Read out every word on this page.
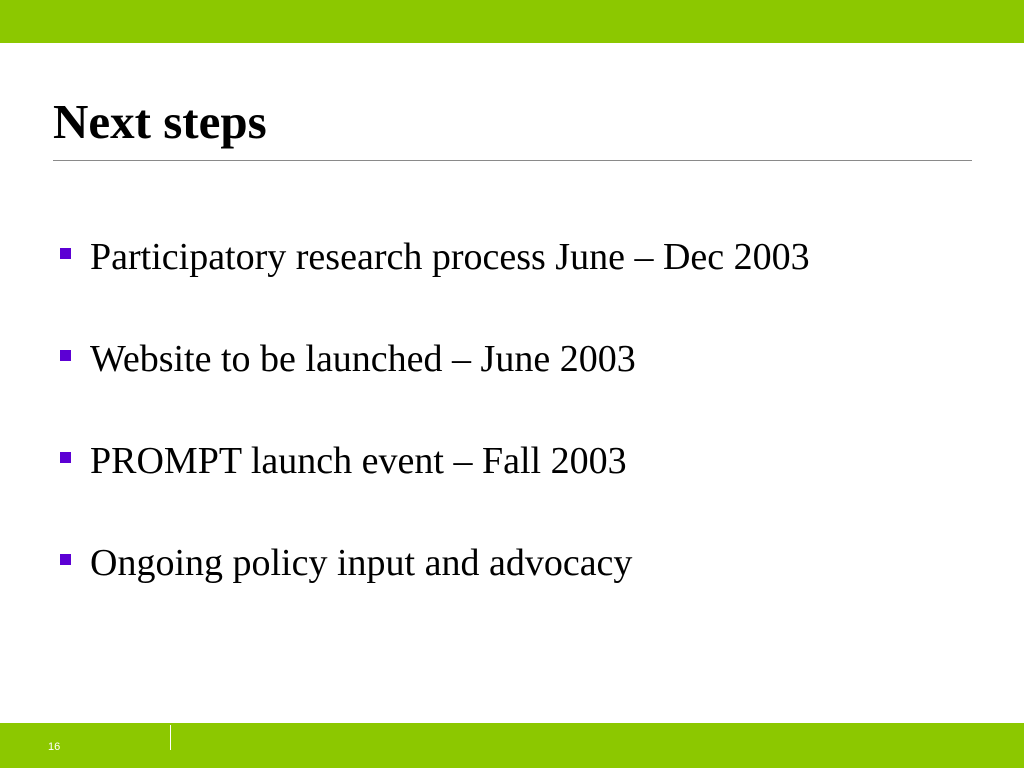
Next steps
Participatory research process June – Dec 2003
Website to be launched – June 2003
PROMPT launch event – Fall 2003
Ongoing policy input and advocacy
16
